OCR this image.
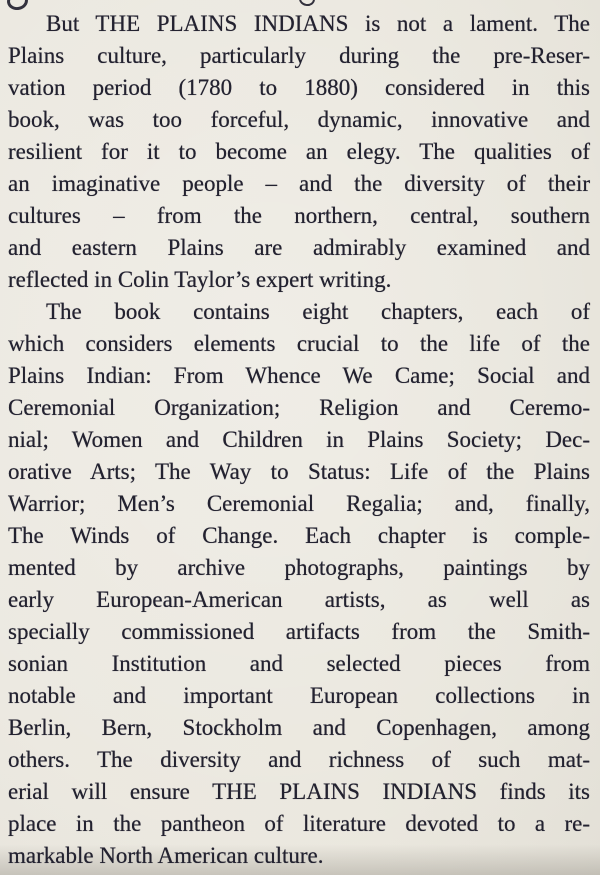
But THE PLAINS INDIANS is not a lament. The
Plains culture, particularly during the pre-Reser-
vation period (1780 to 1880) considered in this
book, was too forceful, dynamic, innovative and
resilient for it to become an elegy. The qualities of
an imaginative people – and the diversity of their
cultures – from the northern, central, southern
and eastern Plains are admirably examined and
reflected in Colin Taylor’s expert writing.
The book contains eight chapters, each of
which considers elements crucial to the life of the
Plains Indian: From Whence We Came; Social and
Ceremonial Organization; Religion and Ceremo-
nial; Women and Children in Plains Society; Dec-
orative Arts; The Way to Status: Life of the Plains
Warrior; Men’s Ceremonial Regalia; and, finally,
The Winds of Change. Each chapter is comple-
mented by archive photographs, paintings by
early European-American artists, as well as
specially commissioned artifacts from the Smith-
sonian Institution and selected pieces from
notable and important European collections in
Berlin, Bern, Stockholm and Copenhagen, among
others. The diversity and richness of such mat-
erial will ensure THE PLAINS INDIANS finds its
place in the pantheon of literature devoted to a re-
markable North American culture.
